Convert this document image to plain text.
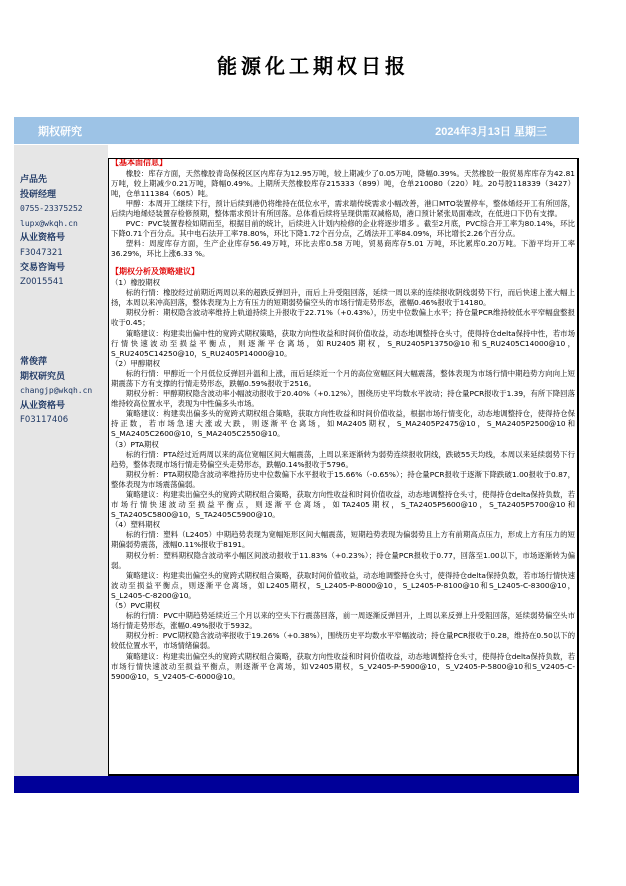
能源化工期权日报
期权研究	2024年3月13日 星期三
卢品先
投研经理
0755-23375252
lupx@wkqh.cn
从业资格号
F3047321
交易咨询号
Z0015541
常俊萍
期权研究员
changjp@wkqh.cn
从业资格号
F03117406
【基本面信息】
橡胶：库存方面，天然橡胶青岛保税区区内库存为12.95万吨，较上期减少了0.05万吨，降幅0.39%。天然橡胶一般贸易库库存为42.81万吨，较上期减少0.21万吨，降幅0.49%。上期所天然橡胶库存215333（899）吨，仓单210080（220）吨。20号胶118339（3427）吨，仓单111384（605）吨。
甲醇：本周开工继续下行，预计后续到港仍将维持在低位水平，需求端传统需求小幅改善，港口MTO装置停车，整体烯烃开工有所回落，后续内地烯烃装置存检修预期，整体需求预计有所回落。总体看后续将呈现供需双减格局，港口预计紧张局面难改，在低进口下仍有支撑。
PVC：PVC装置春检如期而至，根据目前的统计，后续进入计划内检修的企业将逐步增多 。截至2月底，PVC综合开工率为80.14%，环比下降0.71个百分点。其中电石法开工率78.80%，环比下降1.72个百分点，乙烯法开工率84.09%，环比增长2.26个百分点。
塑料：周度库存方面，生产企业库存56.49万吨，环比去库0.58 万吨，贸易商库存5.01 万吨，环比累库0.20万吨。下游平均开工率36.29%，环比上涨6.33 %。
【期权分析及策略建议】
（1）橡胶期权
标的行情：橡胶经过前期近两周以来的超跌反弹回升，而后上升受阻回落，延续一周以来的连续报收阴线弱势下行，而后快速上涨大幅上扬，本周以来冲高回落，整体表现为上方有压力的短期弱势偏空头的市场行情走势形态，涨幅0.46%报收于14180。
期权分析：期权隐含波动率维持上轨道持续上升报收于22.71%（+0.43%），历史中位数偏上水平；持仓量PCR维持较低水平窄幅盘整报收于0.45；
策略建议：构建卖出偏中性的宽跨式期权策略，获取方向性收益和时间价值收益，动态地调整持仓头寸，使得持仓delta保持中性，若市场行情快速波动至损益平衡点，则逐渐平仓离场，如RU2405期权，S_RU2405P13750@10和S_RU2405C14000@10，S_RU2405C14250@10，S_RU2405P14000@10。
（2）甲醇期权
标的行情：甲醇近一个月低位反弹回升温和上涨，而后延续近一个月的高位宽幅区间大幅震荡，整体表现为市场行情中期趋势方向向上短期震荡下方有支撑的行情走势形态，跌幅0.59%报收于2516。
期权分析：甲醇期权隐含波动率小幅波动报收于20.40%（+0.12%），围绕历史平均数水平波动；持仓量PCR报收于1.39，有所下降回落维持较高位置水平，表现为中性偏多头市场。
策略建议：构建卖出偏多头的宽跨式期权组合策略，获取方向性收益和时间价值收益，根据市场行情变化，动态地调整持仓，使得持仓保持正数，若市场急速大涨或大跌，则逐渐平仓离场，如MA2405期权，S_MA2405P2475@10，S_MA2405P2500@10和S_MA2405C2600@10，S_MA2405C2550@10。
（3）PTA期权
标的行情：PTA经过近两周以来的高位宽幅区间大幅震荡，上周以来逐渐转为弱势连续报收阴线，跌破55天均线，本周以来延续弱势下行趋势，整体表现市场行情走势偏空头走势形态，跌幅0.14%报收于5796。
期权分析：PTA期权隐含波动率维持历史中位数偏下水平报收于15.66%（-0.65%）；持仓量PCR报收于逐渐下降跌破1.00报收于0.87，整体表现为市场震荡偏弱。
策略建议：构建卖出偏空头的宽跨式期权组合策略，获取方向性收益和时间价值收益，动态地调整持仓头寸，使得持仓delta保持负数，若市场行情快速波动至损益平衡点，则逐渐平仓离场，如TA2405期权，S_TA2405P5600@10，S_TA2405P5700@10和S_TA2405C5800@10，S_TA2405C5900@10。
（4）塑料期权
标的行情：塑料（L2405）中期趋势表现为宽幅矩形区间大幅震荡，短期趋势表现为偏弱势且上方有前期高点压力，形成上方有压力的短期偏弱势震荡，涨幅0.11%报收于8191。
期权分析：塑料期权隐含波动率小幅区间波动报收于11.83%（+0.23%）；持仓量PCR报收于0.77，回落至1.00以下，市场逐渐转为偏弱。
策略建议：构建卖出偏空头的宽跨式期权组合策略，获取时间价值收益，动态地调整持仓头寸，使得持仓delta保持负数，若市场行情快速波动至损益平衡点，则逐渐平仓离场，如L2405期权，S_L2405-P-8000@10，S_L2405-P-8100@10和S_L2405-C-8300@10，S_L2405-C-8200@10。
（5）PVC期权
标的行情：PVC中期趋势延续近三个月以来的空头下行震荡回落，前一周逐渐反弹回升，上周以来反弹上升受阻回落，延续弱势偏空头市场行情走势形态，涨幅0.49%报收于5932。
期权分析：PVC期权隐含波动率报收于19.26%（+0.38%），围绕历史平均数水平窄幅波动；持仓量PCR报收于0.28，维持在0.50以下的较低位置水平，市场情绪偏弱。
策略建议：构建卖出偏空头的宽跨式期权组合策略，获取方向性收益和时间价值收益，动态地调整持仓头寸，使得持仓delta保持负数，若市场行情快速波动至损益平衡点，则逐渐平仓离场，如V2405期权，S_V2405-P-5900@10，S_V2405-P-5800@10和S_V2405-C-5900@10，S_V2405-C-6000@10。
